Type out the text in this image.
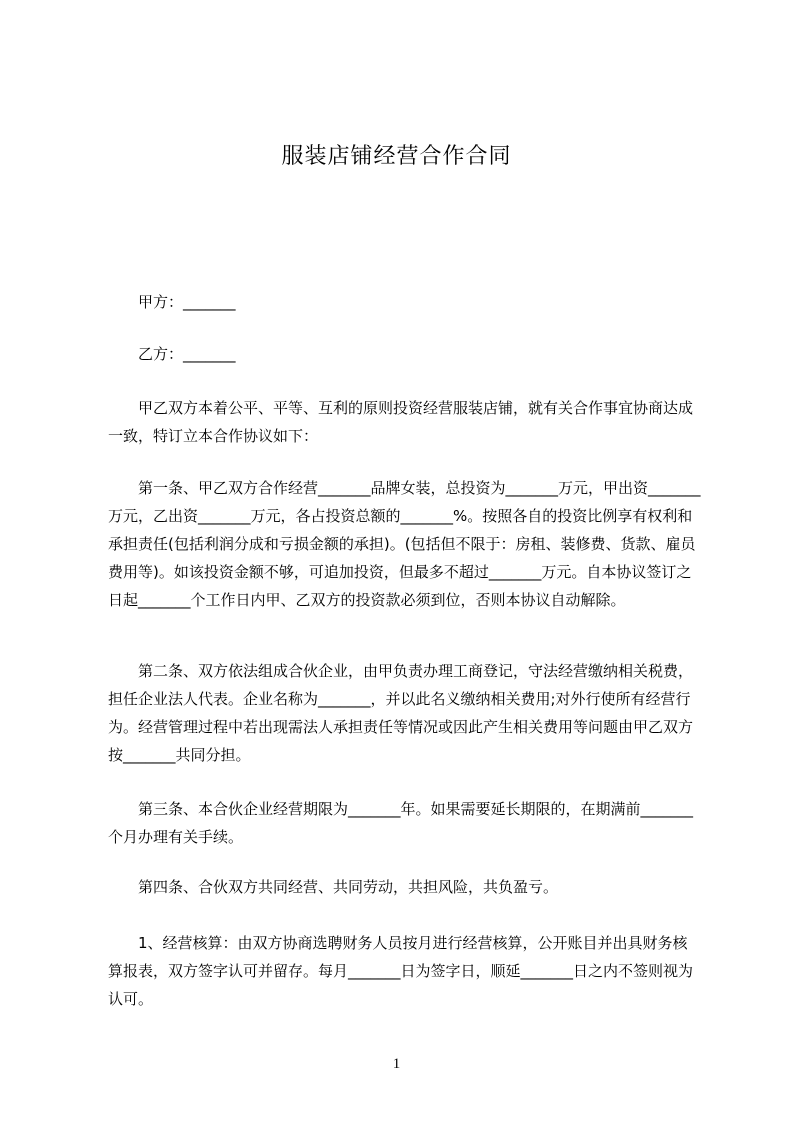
服装店铺经营合作合同

甲方：_______

乙方：_______

　　甲乙双方本着公平、平等、互利的原则投资经营服装店铺，就有关合作事宜协商达成一致，特订立本合作协议如下：

　　第一条、甲乙双方合作经营_______品牌女装，总投资为_______万元，甲出资_______万元，乙出资_______万元，各占投资总额的_______%。按照各自的投资比例享有权利和承担责任(包括利润分成和亏损金额的承担)。(包括但不限于：房租、装修费、货款、雇员费用等)。如该投资金额不够，可追加投资，但最多不超过_______万元。自本协议签订之日起_______个工作日内甲、乙双方的投资款必须到位，否则本协议自动解除。

　　第二条、双方依法组成合伙企业，由甲负责办理工商登记，守法经营缴纳相关税费，担任企业法人代表。企业名称为_______，并以此名义缴纳相关费用;对外行使所有经营行为。经营管理过程中若出现需法人承担责任等情况或因此产生相关费用等问题由甲乙双方按_______共同分担。

　　第三条、本合伙企业经营期限为_______年。如果需要延长期限的，在期满前_______个月办理有关手续。

　　第四条、合伙双方共同经营、共同劳动，共担风险，共负盈亏。

　　1、经营核算：由双方协商选聘财务人员按月进行经营核算，公开账目并出具财务核算报表，双方签字认可并留存。每月_______日为签字日，顺延_______日之内不签则视为认可。

1
